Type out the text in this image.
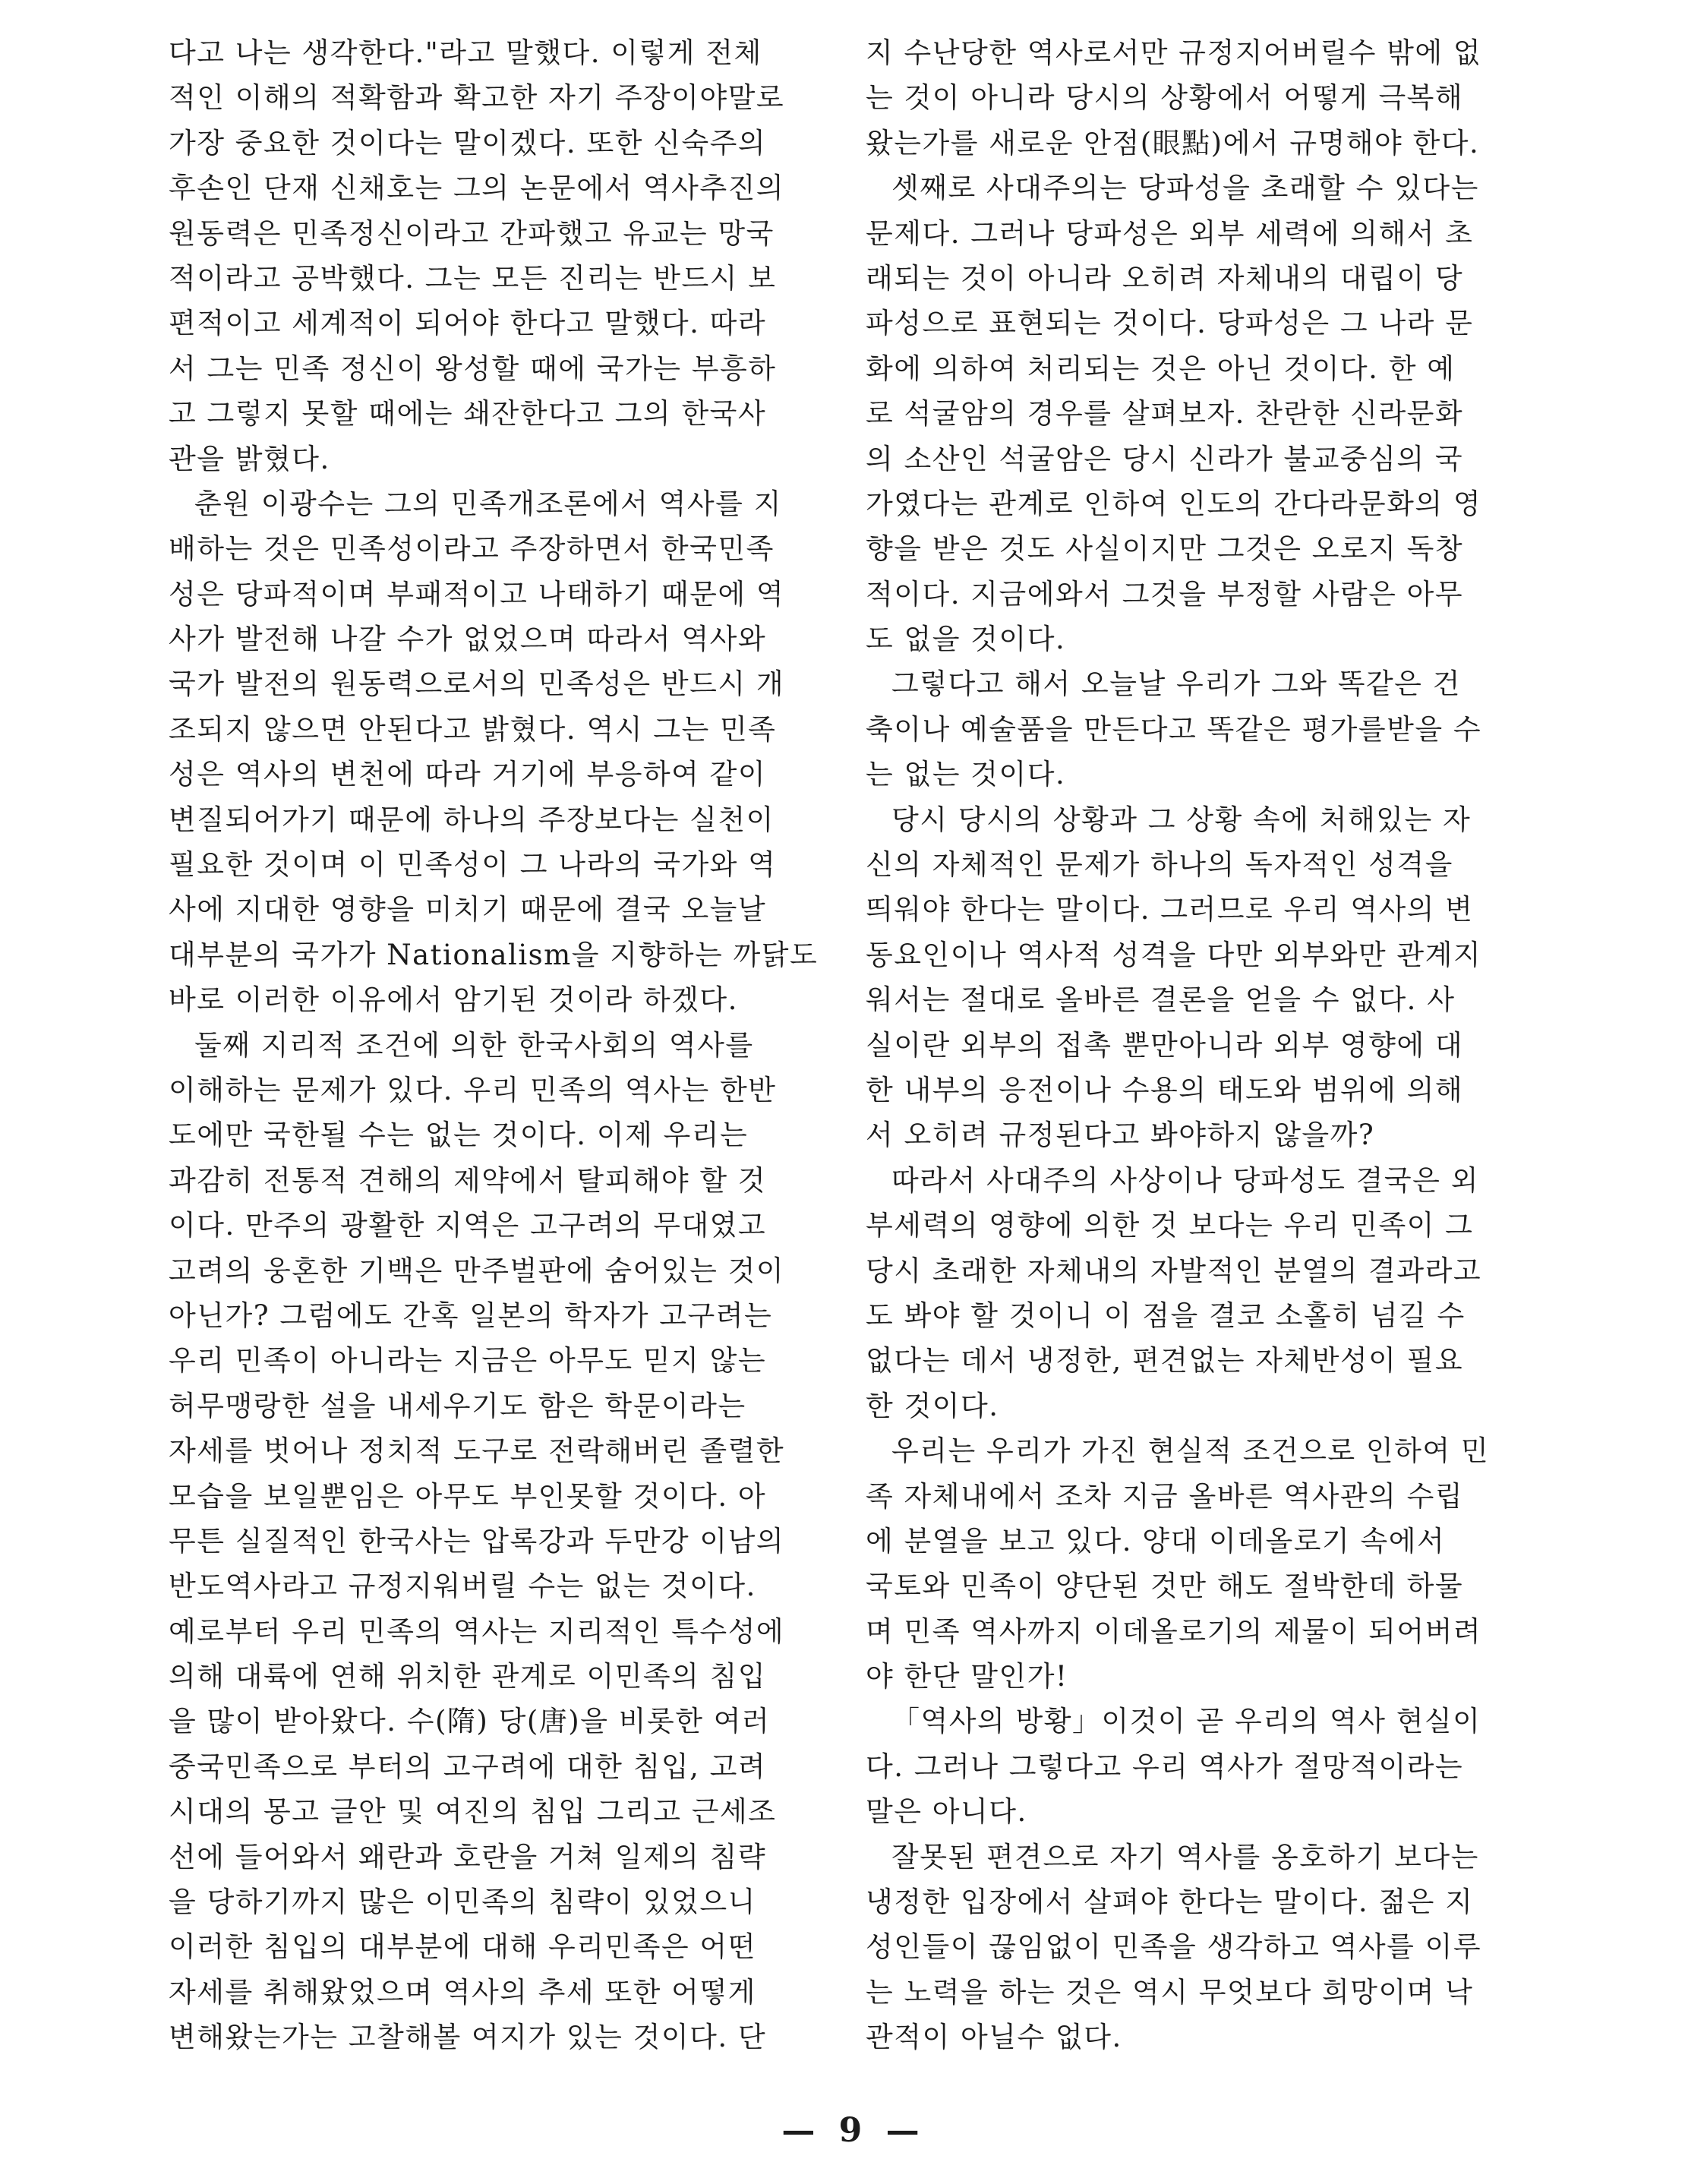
다고 나는 생각한다."라고 말했다. 이렇게 전체
적인 이해의 적확함과 확고한 자기 주장이야말로
가장 중요한 것이다는 말이겠다. 또한 신숙주의
후손인 단재 신채호는 그의 논문에서 역사추진의
원동력은 민족정신이라고 간파했고 유교는 망국
적이라고 공박했다. 그는 모든 진리는 반드시 보
편적이고 세계적이 되어야 한다고 말했다. 따라
서 그는 민족 정신이 왕성할 때에 국가는 부흥하
고 그렇지 못할 때에는 쇄잔한다고 그의 한국사
관을 밝혔다.
춘원 이광수는 그의 민족개조론에서 역사를 지
배하는 것은 민족성이라고 주장하면서 한국민족
성은 당파적이며 부패적이고 나태하기 때문에 역
사가 발전해 나갈 수가 없었으며 따라서 역사와
국가 발전의 원동력으로서의 민족성은 반드시 개
조되지 않으면 안된다고 밝혔다. 역시 그는 민족
성은 역사의 변천에 따라 거기에 부응하여 같이
변질되어가기 때문에 하나의 주장보다는 실천이
필요한 것이며 이 민족성이 그 나라의 국가와 역
사에 지대한 영향을 미치기 때문에 결국 오늘날
대부분의 국가가 Nationalism을 지향하는 까닭도
바로 이러한 이유에서 암기된 것이라 하겠다.
둘째 지리적 조건에 의한 한국사회의 역사를
이해하는 문제가 있다. 우리 민족의 역사는 한반
도에만 국한될 수는 없는 것이다. 이제 우리는
과감히 전통적 견해의 제약에서 탈피해야 할 것
이다. 만주의 광활한 지역은 고구려의 무대였고
고려의 웅혼한 기백은 만주벌판에 숨어있는 것이
아닌가? 그럼에도 간혹 일본의 학자가 고구려는
우리 민족이 아니라는 지금은 아무도 믿지 않는
허무맹랑한 설을 내세우기도 함은 학문이라는
자세를 벗어나 정치적 도구로 전락해버린 졸렬한
모습을 보일뿐임은 아무도 부인못할 것이다. 아
무튼 실질적인 한국사는 압록강과 두만강 이남의
반도역사라고 규정지워버릴 수는 없는 것이다.
예로부터 우리 민족의 역사는 지리적인 특수성에
의해 대륙에 연해 위치한 관계로 이민족의 침입
을 많이 받아왔다. 수(隋) 당(唐)을 비롯한 여러
중국민족으로 부터의 고구려에 대한 침입, 고려
시대의 몽고 글안 및 여진의 침입 그리고 근세조
선에 들어와서 왜란과 호란을 거쳐 일제의 침략
을 당하기까지 많은 이민족의 침략이 있었으니
이러한 침입의 대부분에 대해 우리민족은 어떤
자세를 취해왔었으며 역사의 추세 또한 어떻게
변해왔는가는 고찰해볼 여지가 있는 것이다. 단
지 수난당한 역사로서만 규정지어버릴수 밖에 없
는 것이 아니라 당시의 상황에서 어떻게 극복해
왔는가를 새로운 안점(眼點)에서 규명해야 한다.
셋째로 사대주의는 당파성을 초래할 수 있다는
문제다. 그러나 당파성은 외부 세력에 의해서 초
래되는 것이 아니라 오히려 자체내의 대립이 당
파성으로 표현되는 것이다. 당파성은 그 나라 문
화에 의하여 처리되는 것은 아닌 것이다. 한 예
로 석굴암의 경우를 살펴보자. 찬란한 신라문화
의 소산인 석굴암은 당시 신라가 불교중심의 국
가였다는 관계로 인하여 인도의 간다라문화의 영
향을 받은 것도 사실이지만 그것은 오로지 독창
적이다. 지금에와서 그것을 부정할 사람은 아무
도 없을 것이다.
그렇다고 해서 오늘날 우리가 그와 똑같은 건
축이나 예술품을 만든다고 똑같은 평가를받을 수
는 없는 것이다.
당시 당시의 상황과 그 상황 속에 처해있는 자
신의 자체적인 문제가 하나의 독자적인 성격을
띄워야 한다는 말이다. 그러므로 우리 역사의 변
동요인이나 역사적 성격을 다만 외부와만 관계지
워서는 절대로 올바른 결론을 얻을 수 없다. 사
실이란 외부의 접촉 뿐만아니라 외부 영향에 대
한 내부의 응전이나 수용의 태도와 범위에 의해
서 오히려 규정된다고 봐야하지 않을까?
따라서 사대주의 사상이나 당파성도 결국은 외
부세력의 영향에 의한 것 보다는 우리 민족이 그
당시 초래한 자체내의 자발적인 분열의 결과라고
도 봐야 할 것이니 이 점을 결코 소홀히 넘길 수
없다는 데서 냉정한, 편견없는 자체반성이 필요
한 것이다.
우리는 우리가 가진 현실적 조건으로 인하여 민
족 자체내에서 조차 지금 올바른 역사관의 수립
에 분열을 보고 있다. 양대 이데올로기 속에서
국토와 민족이 양단된 것만 해도 절박한데 하물
며 민족 역사까지 이데올로기의 제물이 되어버려
야 한단 말인가!
「역사의 방황」이것이 곧 우리의 역사 현실이
다. 그러나 그렇다고 우리 역사가 절망적이라는
말은 아니다.
잘못된 편견으로 자기 역사를 옹호하기 보다는
냉정한 입장에서 살펴야 한다는 말이다. 젊은 지
성인들이 끊임없이 민족을 생각하고 역사를 이루
는 노력을 하는 것은 역시 무엇보다 희망이며 낙
관적이 아닐수 없다.
— 9 —
